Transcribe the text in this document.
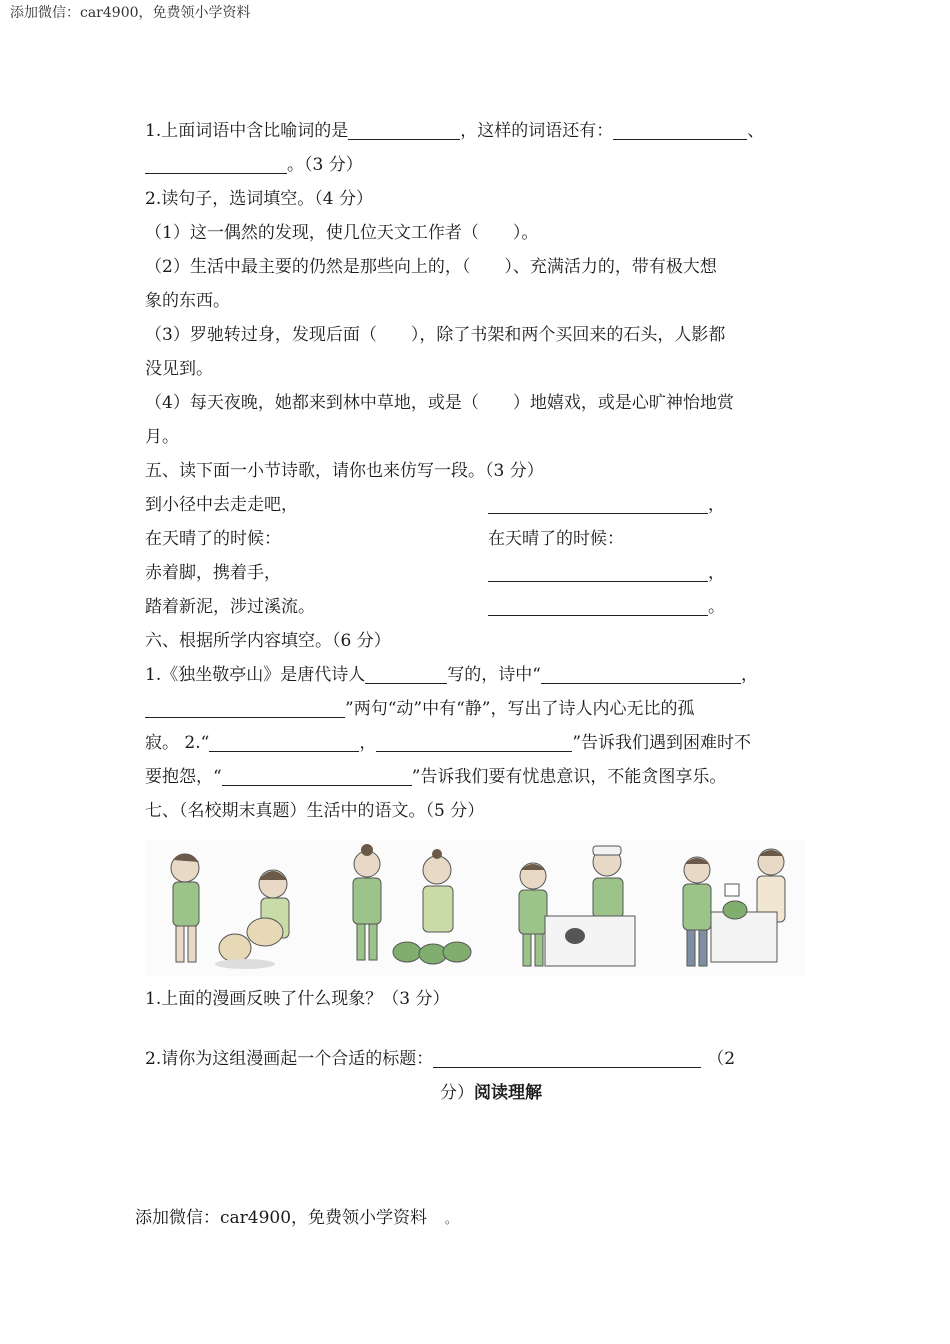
添加微信：car4900，免费领小学资料
1.上面词语中含比喻词的是	，这样的词语还有：	、
。（3 分）
2.读句子，选词填空。（4 分）
（1）这一偶然的发现，使几位天文工作者（　　）。
（2）生活中最主要的仍然是那些向上的，（　　）、充满活力的，带有极大想
象的东西。
（3）罗驰转过身，发现后面（　　），除了书架和两个买回来的石头，人影都
没见到。
（4）每天夜晚，她都来到林中草地，或是（　　）地嬉戏，或是心旷神怡地赏
月。
五、读下面一小节诗歌，请你也来仿写一段。（3 分）
到小径中去走走吧，	，
在天晴了的时候：	在天晴了的时候：
赤着脚，携着手，	，
踏着新泥，涉过溪流。	。
六、根据所学内容填空。（6 分）
1.《独坐敬亭山》是唐代诗人	写的，诗中“	，
”两句“动”中有“静”，写出了诗人内心无比的孤
寂。 2.“	，	”告诉我们遇到困难时不
要抱怨，“	”告诉我们要有忧患意识，不能贪图享乐。
七、（名校期末真题）生活中的语文。（5 分）
1.上面的漫画反映了什么现象？（3 分）
2.请你为这组漫画起一个合适的标题：	（2
分）阅读理解
添加微信：car4900，免费领小学资料 。
